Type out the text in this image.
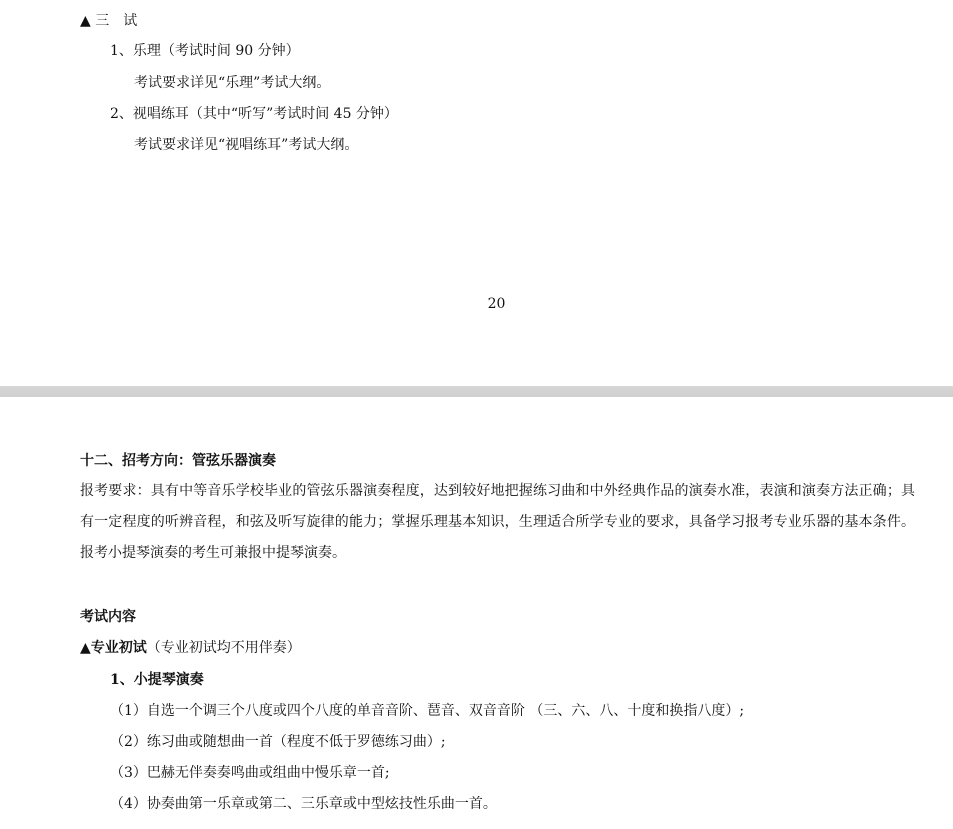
▲ 三　试
1、乐理（考试时间 90 分钟）
考试要求详见“乐理”考试大纲。
2、视唱练耳（其中“听写”考试时间 45 分钟）
考试要求详见“视唱练耳”考试大纲。
20
十二、招考方向：管弦乐器演奏
报考要求：具有中等音乐学校毕业的管弦乐器演奏程度，达到较好地把握练习曲和中外经典作品的演奏水准，表演和演奏方法正确；具有一定程度的听辨音程，和弦及听写旋律的能力；掌握乐理基本知识，生理适合所学专业的要求，具备学习报考专业乐器的基本条件。报考小提琴演奏的考生可兼报中提琴演奏。
考试内容
▲专业初试（专业初试均不用伴奏）
1、小提琴演奏
（1）自选一个调三个八度或四个八度的单音音阶、琶音、双音音阶 （三、六、八、十度和换指八度）;
（2）练习曲或随想曲一首（程度不低于罗德练习曲）;
（3）巴赫无伴奏奏鸣曲或组曲中慢乐章一首;
（4）协奏曲第一乐章或第二、三乐章或中型炫技性乐曲一首。
